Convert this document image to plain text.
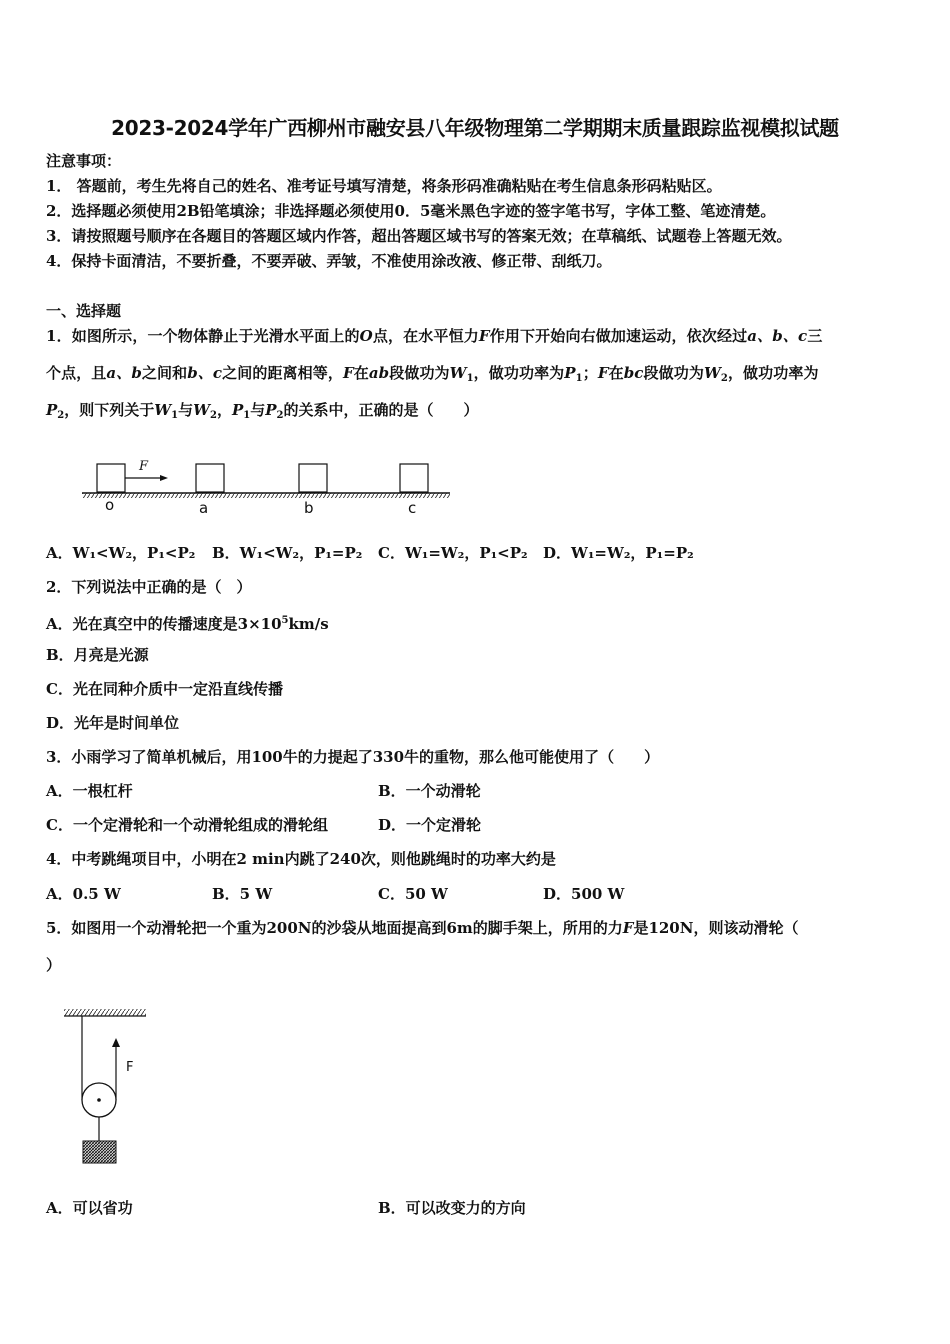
2023-2024学年广西柳州市融安县八年级物理第二学期期末质量跟踪监视模拟试题
注意事项：
1． 答题前，考生先将自己的姓名、准考证号填写清楚，将条形码准确粘贴在考生信息条形码粘贴区。
2．选择题必须使用2B铅笔填涂；非选择题必须使用0．5毫米黑色字迹的签字笔书写，字体工整、笔迹清楚。
3．请按照题号顺序在各题目的答题区域内作答，超出答题区域书写的答案无效；在草稿纸、试题卷上答题无效。
4．保持卡面清洁，不要折叠，不要弄破、弄皱，不准使用涂改液、修正带、刮纸刀。
一、选择题
1．如图所示，一个物体静止于光滑水平面上的O点，在水平恒力F作用下开始向右做加速运动，依次经过a、b、c三
个点，且a、b之间和b、c之间的距离相等，F在ab段做功为$W_1$，做功功率为$P_1$；F在bc段做功为$W_2$，做功功率为
$P_2$，则下列关于$W_1$与$W_2$，$P_1$与$P_2$的关系中，正确的是（　　）
F
o	a	b	c
A．W₁<W₂，P₁<P₂ B．W₁<W₂，P₁=P₂ C．W₁=W₂，P₁<P₂ D．W₁=W₂，P₁=P₂
2．下列说法中正确的是（　）
A．光在真空中的传播速度是$3\times 10^5km/s$
B．月亮是光源
C．光在同种介质中一定沿直线传播
D．光年是时间单位
3．小雨学习了简单机械后，用100牛的力提起了330牛的重物，那么他可能使用了（　　）
A．一根杠杆	B．一个动滑轮
C．一个定滑轮和一个动滑轮组成的滑轮组	D．一个定滑轮
4．中考跳绳项目中，小明在2 min内跳了240次，则他跳绳时的功率大约是
A．0.5 W	B．5 W	C．50 W	D．500 W
5．如图用一个动滑轮把一个重为200N的沙袋从地面提高到6m的脚手架上，所用的力F是120N，则该动滑轮（
）
F
A．可以省功	B．可以改变力的方向
